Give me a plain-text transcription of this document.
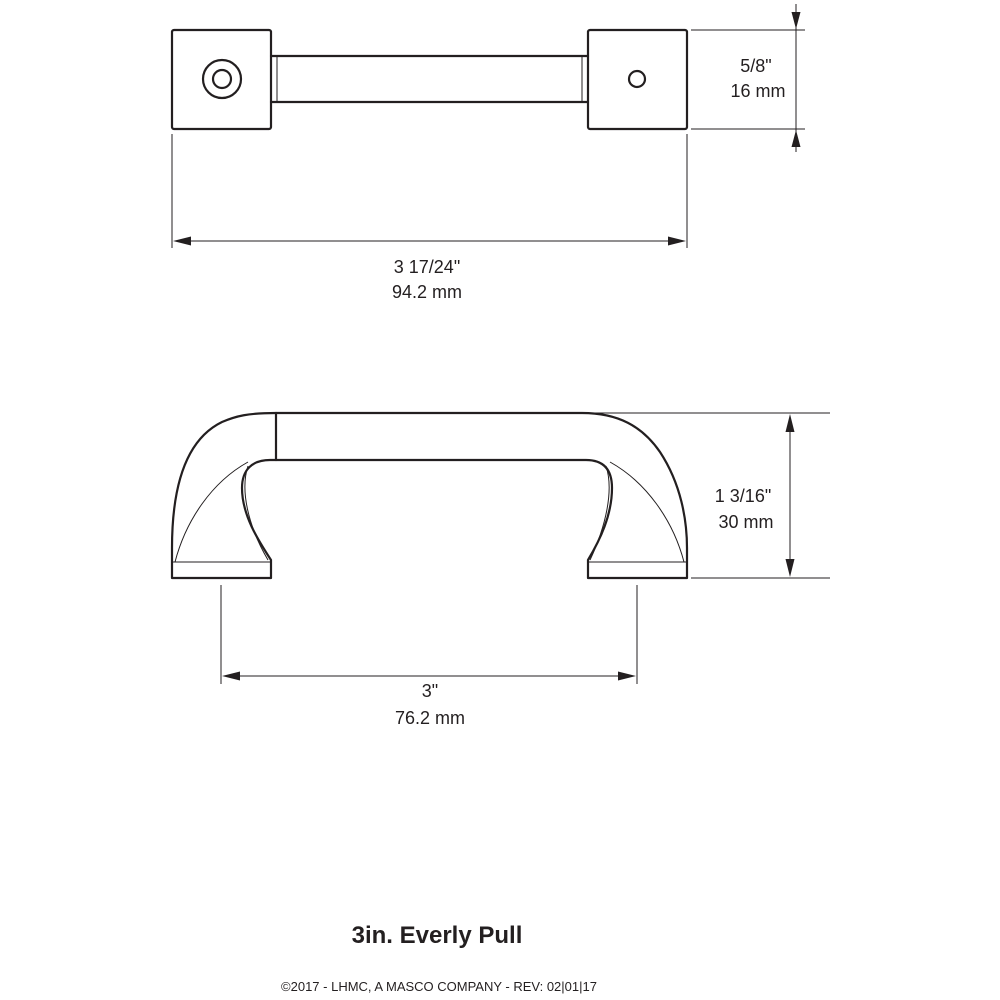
3 17/24"
94.2 mm
5/8"
16 mm
1 3/16"
30 mm
3"
76.2 mm
3in. Everly Pull
©2017 - LHMC, A MASCO COMPANY - REV: 02|01|17
